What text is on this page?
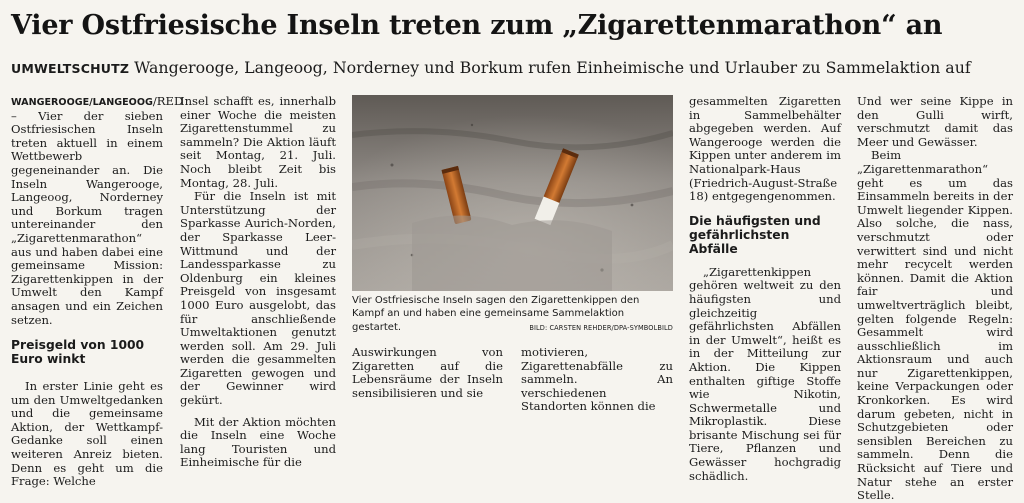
Vier Ostfriesische Inseln treten zum „Zigarettenmarathon“ an
UMWELTSCHUTZ Wangerooge, Langeoog, Norderney und Borkum rufen Einheimische und Urlauber zu Sammelaktion auf

WANGEROOGE/LANGEOOG/RED – Vier der sieben Ostfriesischen Inseln treten aktuell in einem Wettbewerb gegeneinander an. Die Inseln Wangerooge, Langeoog, Norderney und Borkum tragen untereinander den „Zigarettenmarathon“ aus und haben dabei eine gemeinsame Mission: Zigarettenkippen in der Umwelt den Kampf ansagen und ein Zeichen setzen.

Preisgeld von 1000 Euro winkt

In erster Linie geht es um den Umweltgedanken und die gemeinsame Aktion, der Wettkampf-Gedanke soll einen weiteren Anreiz bieten. Denn es geht um die Frage: Welche

Insel schafft es, innerhalb einer Woche die meisten Zigarettenstummel zu sammeln? Die Aktion läuft seit Montag, 21. Juli. Noch bleibt Zeit bis Montag, 28. Juli.

Für die Inseln ist mit Unterstützung der Sparkasse Aurich-Norden, der Sparkasse Leer-Wittmund und der Landessparkasse zu Oldenburg ein kleines Preisgeld von insgesamt 1000 Euro ausgelobt, das für anschließende Umweltaktionen genutzt werden soll. Am 29. Juli werden die gesammelten Zigaretten gewogen und der Gewinner wird gekürt.

Mit der Aktion möchten die Inseln eine Woche lang Touristen und Einheimische für die

Vier Ostfriesische Inseln sagen den Zigarettenkippen den Kampf an und haben eine gemeinsame Sammelaktion gestartet.	BILD: CARSTEN REHDER/DPA-SYMBOLBILD

Auswirkungen von Zigaretten auf die Lebensräume der Inseln sensibilisieren und sie

motivieren, Zigarettenabfälle zu sammeln. An verschiedenen Standorten können die

gesammelten Zigaretten in Sammelbehälter abgegeben werden. Auf Wangerooge werden die Kippen unter anderem im Nationalpark-Haus (Friedrich-August-Straße 18) entgegengenommen.

Die häufigsten und gefährlichsten Abfälle

„Zigarettenkippen gehören weltweit zu den häufigsten und gleichzeitig gefährlichsten Abfällen in der Umwelt“, heißt es in der Mitteilung zur Aktion. Die Kippen enthalten giftige Stoffe wie Nikotin, Schwermetalle und Mikroplastik. Diese brisante Mischung sei für Tiere, Pflanzen und Gewässer hochgradig schädlich.

Und wer seine Kippe in den Gulli wirft, verschmutzt damit das Meer und Gewässer.

Beim „Zigarettenmarathon“ geht es um das Einsammeln bereits in der Umwelt liegender Kippen. Also solche, die nass, verschmutzt oder verwittert sind und nicht mehr recycelt werden können. Damit die Aktion fair und umweltverträglich bleibt, gelten folgende Regeln: Gesammelt wird ausschließlich im Aktionsraum und auch nur Zigarettenkippen, keine Verpackungen oder Kronkorken. Es wird darum gebeten, nicht in Schutzgebieten oder sensiblen Bereichen zu sammeln. Denn die Rücksicht auf Tiere und Natur stehe an erster Stelle.
